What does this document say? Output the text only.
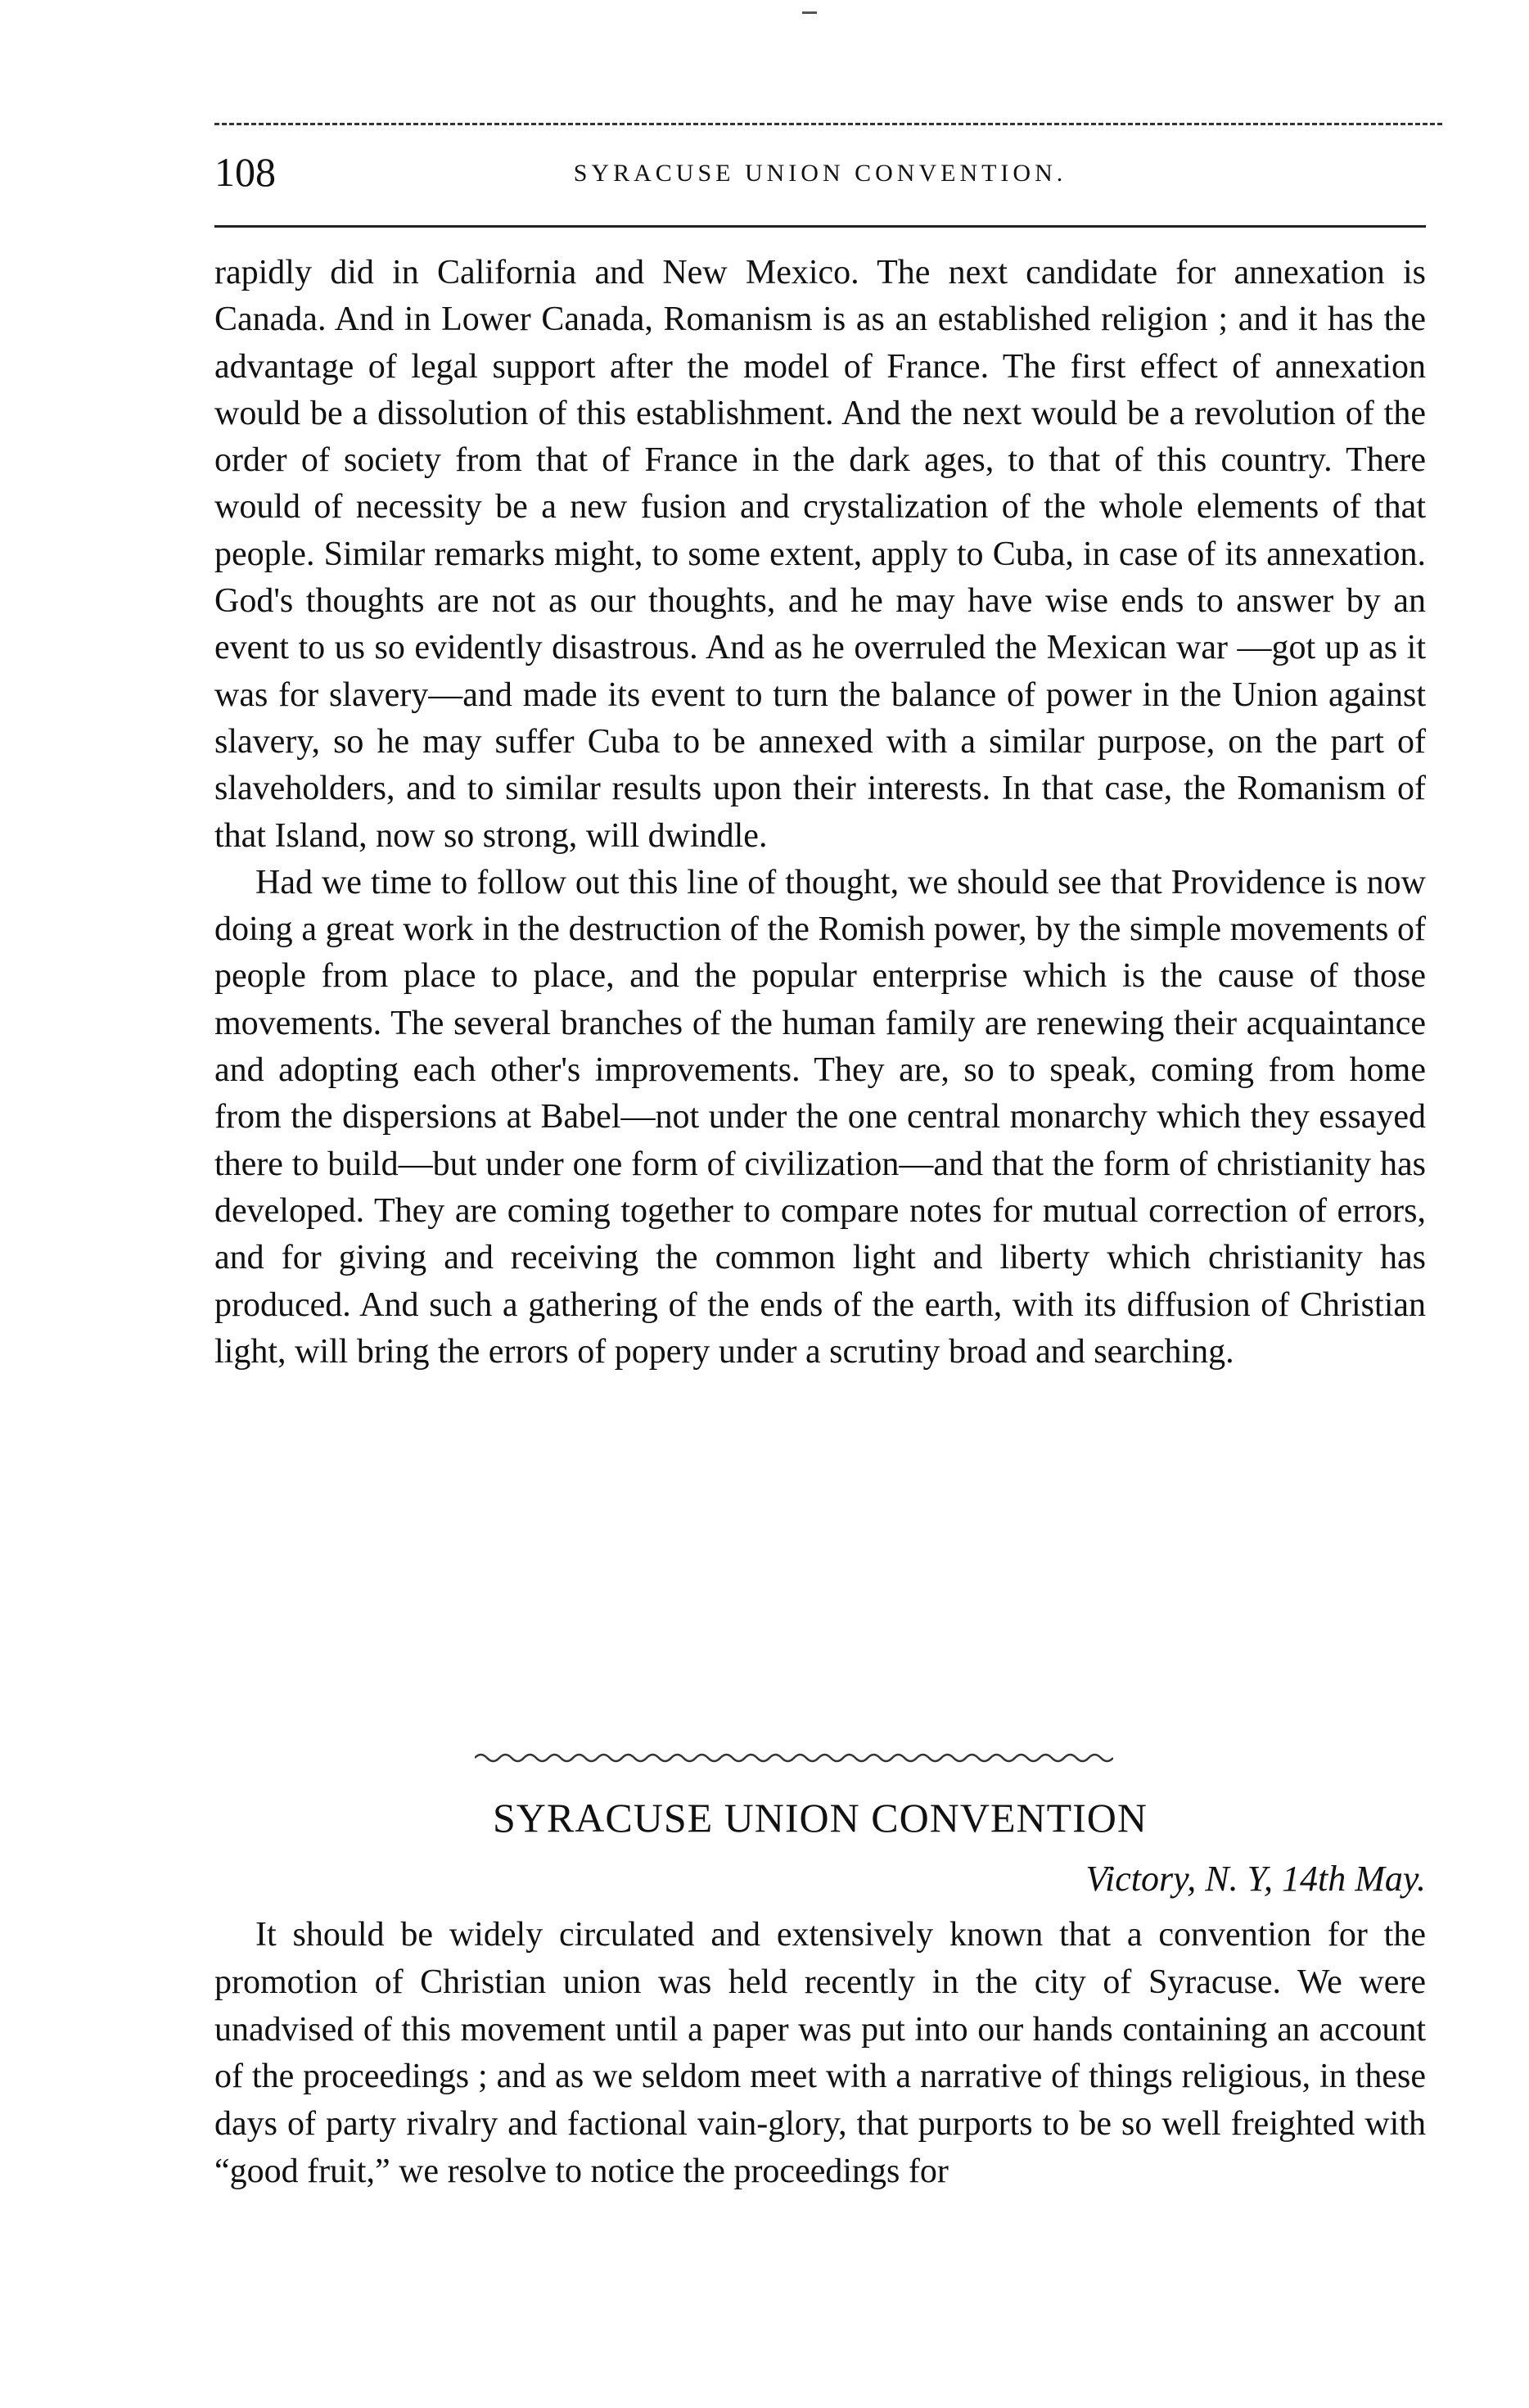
108	SYRACUSE UNION CONVENTION.

rapidly did in California and New Mexico. The next candidate for annexation is Canada. And in Lower Canada, Romanism is as an established religion ; and it has the advantage of legal support after the model of France. The first effect of annexation would be a dissolution of this establishment. And the next would be a revolution of the order of society from that of France in the dark ages, to that of this country. There would of necessity be a new fusion and crystalization of the whole elements of that people. Similar remarks might, to some extent, apply to Cuba, in case of its annexation. God's thoughts are not as our thoughts, and he may have wise ends to answer by an event to us so evidently disastrous. And as he overruled the Mexican war —got up as it was for slavery—and made its event to turn the balance of power in the Union against slavery, so he may suffer Cuba to be annexed with a similar purpose, on the part of slaveholders, and to similar results upon their interests. In that case, the Romanism of that Island, now so strong, will dwindle.

Had we time to follow out this line of thought, we should see that Providence is now doing a great work in the destruction of the Romish power, by the simple movements of people from place to place, and the popular enterprise which is the cause of those movements. The several branches of the human family are renewing their acquaintance and adopting each other's improvements. They are, so to speak, coming from home from the dispersions at Babel—not under the one central monarchy which they essayed there to build—but under one form of civilization—and that the form of christianity has developed. They are coming together to compare notes for mutual correction of errors, and for giving and receiving the common light and liberty which christianity has produced. And such a gathering of the ends of the earth, with its diffusion of Christian light, will bring the errors of popery under a scrutiny broad and searching.

SYRACUSE UNION CONVENTION
Victory, N. Y, 14th May.

It should be widely circulated and extensively known that a convention for the promotion of Christian union was held recently in the city of Syracuse. We were unadvised of this movement until a paper was put into our hands containing an account of the proceedings ; and as we seldom meet with a narrative of things religious, in these days of party rivalry and factional vain-glory, that purports to be so well freighted with “good fruit,” we resolve to notice the proceedings for
